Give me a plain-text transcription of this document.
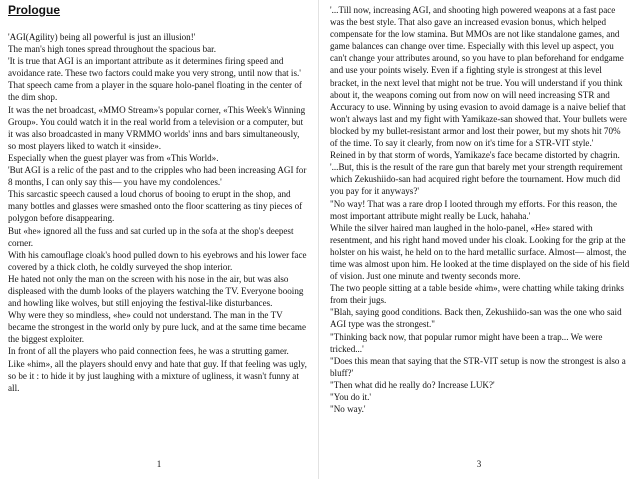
Prologue

'AGI(Agility) being all powerful is just an illusion!'

The man's high tones spread throughout the spacious bar.

'It is true that AGI is an important attribute as it determines firing speed and avoidance rate. These two factors could make you very strong, until now that is.'

That speech came from a player in the square holo-panel floating in the center of the dim shop.

It was the net broadcast, «MMO Stream»'s popular corner, «This Week's Winning Group». You could watch it in the real world from a television or a computer, but it was also broadcasted in many VRMMO worlds' inns and bars simultaneously, so most players liked to watch it «inside».

Especially when the guest player was from «This World».

'But AGI is a relic of the past and to the cripples who had been increasing AGI for 8 months, I can only say this— you have my condolences.'

This sarcastic speech caused a loud chorus of booing to erupt in the shop, and many bottles and glasses were smashed onto the floor scattering as tiny pieces of polygon before disappearing.

But «he» ignored all the fuss and sat curled up in the sofa at the shop's deepest corner.

With his camouflage cloak's hood pulled down to his eyebrows and his lower face covered by a thick cloth, he coldly surveyed the shop interior.

He hated not only the man on the screen with his nose in the air, but was also displeased with the dumb looks of the players watching the TV. Everyone booing and howling like wolves, but still enjoying the festival-like disturbances.

Why were they so mindless, «he» could not understand. The man in the TV became the strongest in the world only by pure luck, and at the same time became the biggest exploiter.

In front of all the players who paid connection fees, he was a strutting gamer.

Like «him», all the players should envy and hate that guy. If that feeling was ugly, so be it : to hide it by just laughing with a mixture of ugliness, it wasn't funny at all.

1

'...Till now, increasing AGI, and shooting high powered weapons at a fast pace was the best style. That also gave an increased evasion bonus, which helped compensate for the low stamina. But MMOs are not like standalone games, and game balances can change over time. Especially with this level up aspect, you can't change your attributes around, so you have to plan beforehand for endgame and use your points wisely. Even if a fighting style is strongest at this level bracket, in the next level that might not be true. You will understand if you think about it, the weapons coming out from now on will need increasing STR and Accuracy to use. Winning by using evasion to avoid damage is a naive belief that won't always last and my fight with Yamikaze-san showed that. Your bullets were blocked by my bullet-resistant armor and lost their power, but my shots hit 70% of the time. To say it clearly, from now on it's time for a STR-VIT style.'

Reined in by that storm of words, Yamikaze's face became distorted by chagrin.

'...But, this is the result of the rare gun that barely met your strength requirement which Zekushiido-san had acquired right before the tournament. How much did you pay for it anyways?'

"No way! That was a rare drop I looted through my efforts. For this reason, the most important attribute might really be Luck, hahaha.'

While the silver haired man laughed in the holo-panel, «He» stared with resentment, and his right hand moved under his cloak. Looking for the grip at the holster on his waist, he held on to the hard metallic surface. Almost— almost, the time was almost upon him. He looked at the time displayed on the side of his field of vision. Just one minute and twenty seconds more.

The two people sitting at a table beside «him», were chatting while taking drinks from their jugs.

"Blah, saying good conditions. Back then, Zekushiido-san was the one who said AGI type was the strongest."

"Thinking back now, that popular rumor might have been a trap... We were tricked...'

"Does this mean that saying that the STR-VIT setup is now the strongest is also a bluff?'

"Then what did he really do? Increase LUK?'

"You do it.'

"No way.'

3
